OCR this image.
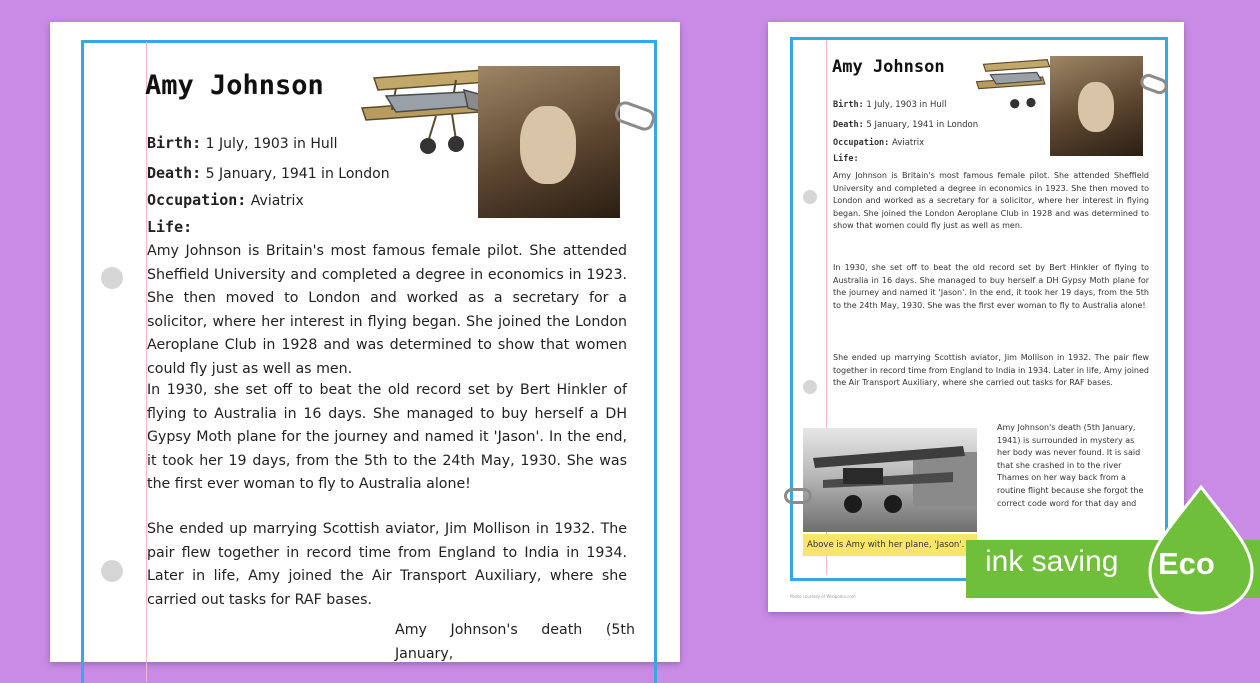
Amy Johnson
Birth: 1 July, 1903 in Hull
Death: 5 January, 1941 in London
Occupation: Aviatrix
Life:

Amy Johnson is Britain's most famous female pilot. She attended Sheffield University and completed a degree in economics in 1923. She then moved to London and worked as a secretary for a solicitor, where her interest in flying began. She joined the London Aeroplane Club in 1928 and was determined to show that women could fly just as well as men.

In 1930, she set off to beat the old record set by Bert Hinkler of flying to Australia in 16 days. She managed to buy herself a DH Gypsy Moth plane for the journey and named it 'Jason'. In the end, it took her 19 days, from the 5th to the 24th May, 1930. She was the first ever woman to fly to Australia alone!

She ended up marrying Scottish aviator, Jim Mollison in 1932. The pair flew together in record time from England to India in 1934. Later in life, Amy joined the Air Transport Auxiliary, where she carried out tasks for RAF bases.

Amy Johnson's death (5th January,
Amy Johnson
Birth: 1 July, 1903 in Hull
Death: 5 January, 1941 in London
Occupation: Aviatrix
Life:

Amy Johnson is Britain's most famous female pilot. She attended Sheffield University and completed a degree in economics in 1923. She then moved to London and worked as a secretary for a solicitor, where her interest in flying began. She joined the London Aeroplane Club in 1928 and was determined to show that women could fly just as well as men.

In 1930, she set off to beat the old record set by Bert Hinkler of flying to Australia in 16 days. She managed to buy herself a DH Gypsy Moth plane for the journey and named it 'Jason'. In the end, it took her 19 days, from the 5th to the 24th May, 1930. She was the first ever woman to fly to Australia alone!

She ended up marrying Scottish aviator, Jim Mollison in 1932. The pair flew together in record time from England to India in 1934. Later in life, Amy joined the Air Transport Auxiliary, where she carried out tasks for RAF bases.

Above is Amy with her plane, 'Jason'.

Amy Johnson's death (5th January, 1941) is surrounded in mystery as her body was never found. It is said that she crashed in to the river Thames on her way back from a routine flight because she forgot the correct code word for that day and

Photo courtesy of Wikipedia.com
ink saving Eco
